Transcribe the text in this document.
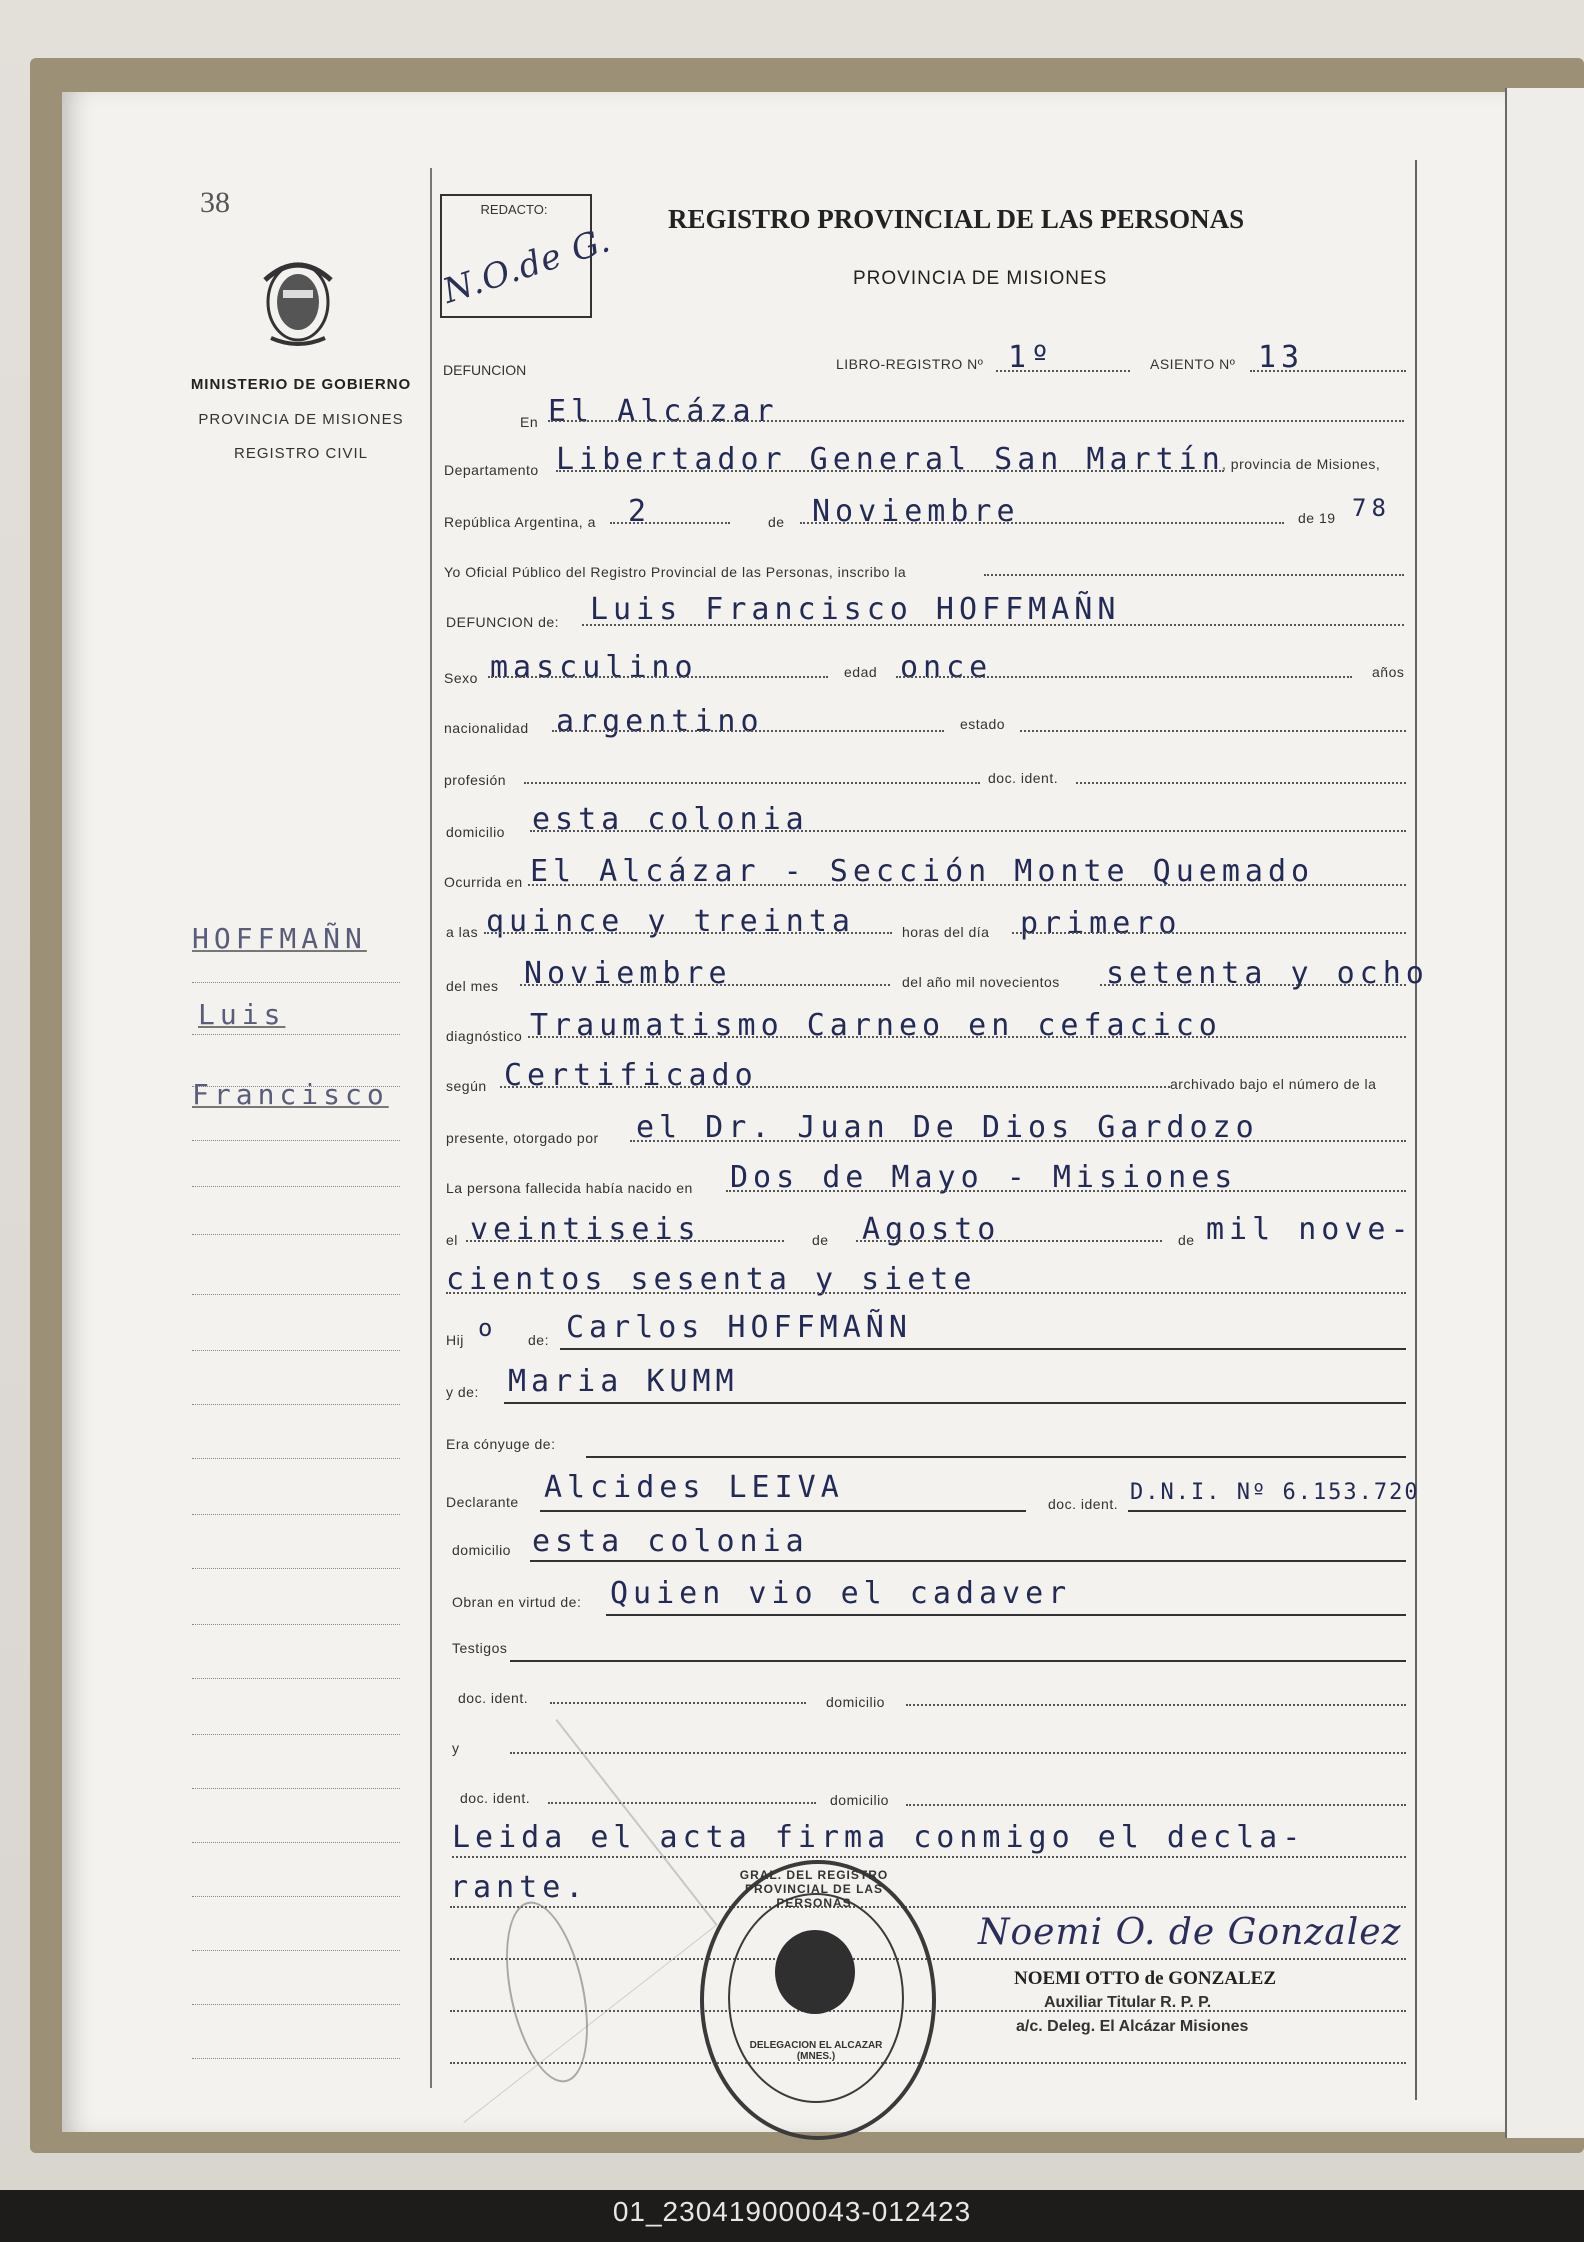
38
MINISTERIO DE GOBIERNO
PROVINCIA DE MISIONES
REGISTRO CIVIL
HOFFMAÑN
Luis
Francisco
REDACTO:
N.O.de G.
REGISTRO PROVINCIAL DE LAS PERSONAS
PROVINCIA DE MISIONES
DEFUNCION	LIBRO-REGISTRO Nº 1º	ASIENTO Nº 13
En El Alcázar
Departamento Libertador General San Martín
, provincia de Misiones,
República Argentina, a 2	de Noviembre	de 19 78
Yo Oficial Público del Registro Provincial de las Personas, inscribo la
DEFUNCION de: Luis Francisco HOFFMAÑN
Sexo masculino	edad once	años
nacionalidad argentino	estado
profesión	doc. ident.
domicilio esta colonia
Ocurrida en El Alcázar - Sección Monte Quemado
a las quince y treinta	horas del día primero
del mes Noviembre	del año mil novecientos setenta y ocho
diagnóstico Traumatismo Carneo en cefacico
según Certificado	archivado bajo el número de la
presente, otorgado por el Dr. Juan De Dios Gardozo
La persona fallecida había nacido en Dos de Mayo - Misiones
el veintiseis	de Agosto	de mil nove-
cientos sesenta y siete
Hij o de: Carlos HOFFMAÑN
y de: Maria KUMM
Era cónyuge de:
Declarante Alcides LEIVA	doc. ident. D.N.I. Nº 6.153.720
domicilio esta colonia
Obran en virtud de: Quien vio el cadaver
Testigos
doc. ident.	domicilio
y
doc. ident.	domicilio
Leida el acta firma conmigo el decla-
rante.	GRAL. DEL REGISTRO PROVINCIAL DE LAS PERSONAS
DELEGACION EL ALCAZAR (MNES.)
Noemi O. de Gonzalez
NOEMI OTTO de GONZALEZ
Auxiliar Titular R. P. P.
a/c. Deleg. El Alcázar Misiones
01_230419000043-012423
